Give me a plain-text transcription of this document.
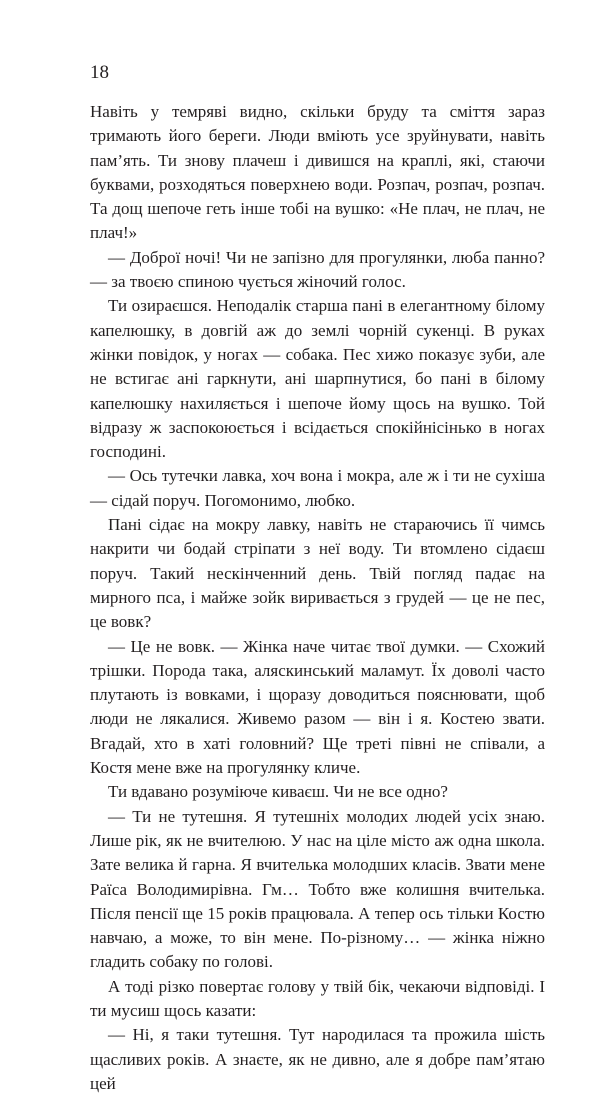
18

Навіть у темряві видно, скільки бруду та сміття зараз тримають його береги. Люди вміють усе зруйнувати, навіть пам’ять. Ти знову плачеш і дивишся на краплі, які, стаючи буквами, розходяться поверхнею води. Розпач, розпач, розпач. Та дощ шепоче геть інше тобі на вушко: «Не плач, не плач, не плач!»

— Доброї ночі! Чи не запізно для прогулянки, люба панно? — за твоєю спиною чується жіночий голос.

Ти озираєшся. Неподалік старша пані в елегантному білому капелюшку, в довгій аж до землі чорній сукенці. В руках жінки повідок, у ногах — собака. Пес хижо показує зуби, але не встигає ані гаркнути, ані шарпнутися, бо пані в білому капелюшку нахиляється і шепоче йому щось на вушко. Той відразу ж заспокоюється і всідається спокійнісінько в ногах господині.

— Ось тутечки лавка, хоч вона і мокра, але ж і ти не сухіша — сідай поруч. Погомонимо, любко.

Пані сідає на мокру лавку, навіть не стараючись її чимсь накрити чи бодай стріпати з неї воду. Ти втомлено сідаєш поруч. Такий нескінченний день. Твій погляд падає на мирного пса, і майже зойк виривається з грудей — це не пес, це вовк?

— Це не вовк. — Жінка наче читає твої думки. — Схожий трішки. Порода така, аляскинський маламут. Їх доволі часто плутають із вовками, і щоразу доводиться пояснювати, щоб люди не лякалися. Живемо разом — він і я. Костею звати. Вгадай, хто в хаті головний? Ще треті півні не співали, а Костя мене вже на прогулянку кличе.

Ти вдавано розуміюче киваєш. Чи не все одно?

— Ти не тутешня. Я тутешніх молодих людей усіх знаю. Лише рік, як не вчителюю. У нас на ціле місто аж одна школа. Зате велика й гарна. Я вчителька молодших класів. Звати мене Раїса Володимирівна. Гм… Тобто вже колишня вчителька. Після пенсії ще 15 років працювала. А тепер ось тільки Костю навчаю, а може, то він мене. По-різному… — жінка ніжно гладить собаку по голові.

А тоді різко повертає голову у твій бік, чекаючи відповіді. І ти мусиш щось казати:

— Ні, я таки тутешня. Тут народилася та прожила шість щасливих років. А знаєте, як не дивно, але я добре пам’ятаю цей
